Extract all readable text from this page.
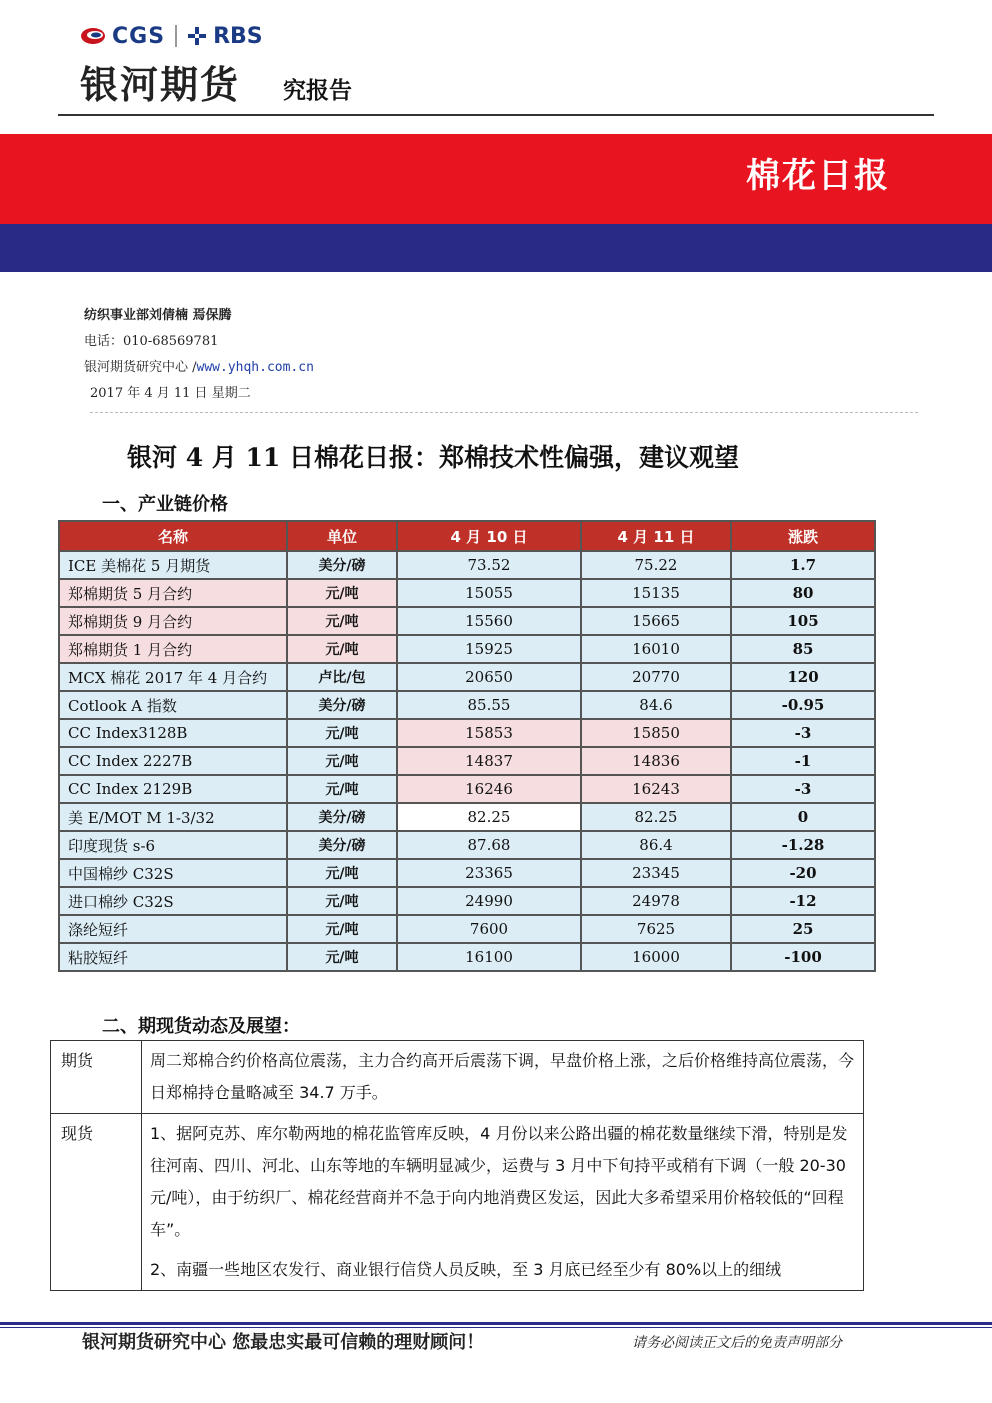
CGS RBS
银河期货 究报告
棉花日报
纺织事业部刘倩楠 焉保腾
电话：010-68569781
银河期货研究中心 /www.yhqh.com.cn
2017 年 4 月 11 日 星期二
银河 4 月 11 日棉花日报：郑棉技术性偏强，建议观望
一、产业链价格
名称	单位	4 月 10 日	4 月 11 日	涨跌
ICE 美棉花 5 月期货	美分/磅	73.52	75.22	1.7
郑棉期货 5 月合约	元/吨	15055	15135	80
郑棉期货 9 月合约	元/吨	15560	15665	105
郑棉期货 1 月合约	元/吨	15925	16010	85
MCX 棉花 2017 年 4 月合约	卢比/包	20650	20770	120
Cotlook A 指数	美分/磅	85.55	84.6	-0.95
CC Index3128B	元/吨	15853	15850	-3
CC Index 2227B	元/吨	14837	14836	-1
CC Index 2129B	元/吨	16246	16243	-3
美 E/MOT M 1-3/32	美分/磅	82.25	82.25	0
印度现货 s-6	美分/磅	87.68	86.4	-1.28
中国棉纱 C32S	元/吨	23365	23345	-20
进口棉纱 C32S	元/吨	24990	24978	-12
涤纶短纤	元/吨	7600	7625	25
粘胶短纤	元/吨	16100	16000	-100
二、期现货动态及展望：
期货	周二郑棉合约价格高位震荡，主力合约高开后震荡下调，早盘价格上涨，之后价格维持高位震荡，今日郑棉持仓量略减至 34.7 万手。

现货	1、据阿克苏、库尔勒两地的棉花监管库反映，4 月份以来公路出疆的棉花数量继续下滑，特别是发往河南、四川、河北、山东等地的车辆明显减少，运费与 3 月中下旬持平或稍有下调（一般 20-30 元/吨），由于纺织厂、棉花经营商并不急于向内地消费区发运，因此大多希望采用价格较低的“回程车”。

2、南疆一些地区农发行、商业银行信贷人员反映，至 3 月底已经至少有 80%以上的细绒

银河期货研究中心 您最忠实最可信赖的理财顾问！	请务必阅读正文后的免责声明部分
